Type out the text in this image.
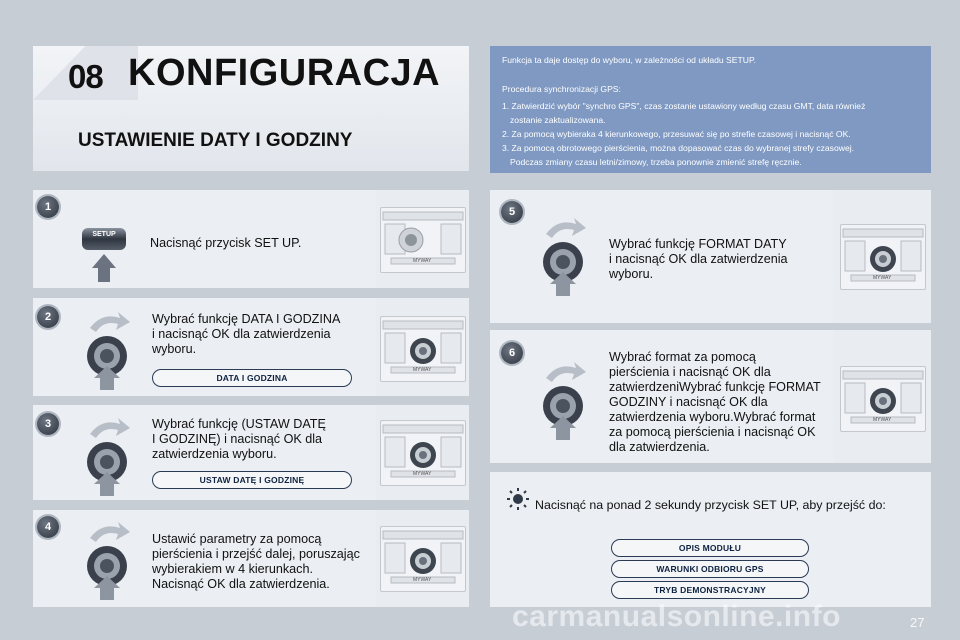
08 KONFIGURACJA
USTAWIENIE DATY I GODZINY
Funkcja ta daje dostęp do wyboru, w zależności od układu SETUP.
Procedura synchronizacji GPS:
1. Zatwierdzić wybór "synchro GPS", czas zostanie ustawiony według czasu GMT, data również
zostanie zaktualizowana.
2. Za pomocą wybieraka 4 kierunkowego, przesuwać się po strefie czasowej i nacisnąć OK.
3. Za pomocą obrotowego pierścienia, można dopasować czas do wybranej strefy czasowej.
Podczas zmiany czasu letni/zimowy, trzeba ponownie zmienić strefę ręcznie.
1
2
3
4
5
6
SETUP
Nacisnąć przycisk SET UP.
Wybrać funkcję DATA I GODZINA
i nacisnąć OK dla zatwierdzenia
wyboru.
DATA I GODZINA
Wybrać funkcję (USTAW DATĘ
I GODZINĘ) i nacisnąć OK dla
zatwierdzenia wyboru.
USTAW DATĘ I GODZINĘ
Ustawić parametry za pomocą
pierścienia i przejść dalej, poruszając
wybierakiem w 4 kierunkach.
Nacisnąć OK dla zatwierdzenia.
Wybrać funkcję FORMAT DATY
i nacisnąć OK dla zatwierdzenia
wyboru.
Wybrać format za pomocą
pierścienia i nacisnąć OK dla
zatwierdzeniWybrać funkcję FORMAT
GODZINY i nacisnąć OK dla
zatwierdzenia wyboru.Wybrać format
za pomocą pierścienia i nacisnąć OK
dla zatwierdzenia.
Nacisnąć na ponad 2 sekundy przycisk SET UP, aby przejść do:
OPIS MODUŁU
WARUNKI ODBIORU GPS
TRYB DEMONSTRACYJNY
MYWAY
MYWAY
MYWAY
MYWAY
MYWAY
MYWAY
carmanualsonline.info	27
